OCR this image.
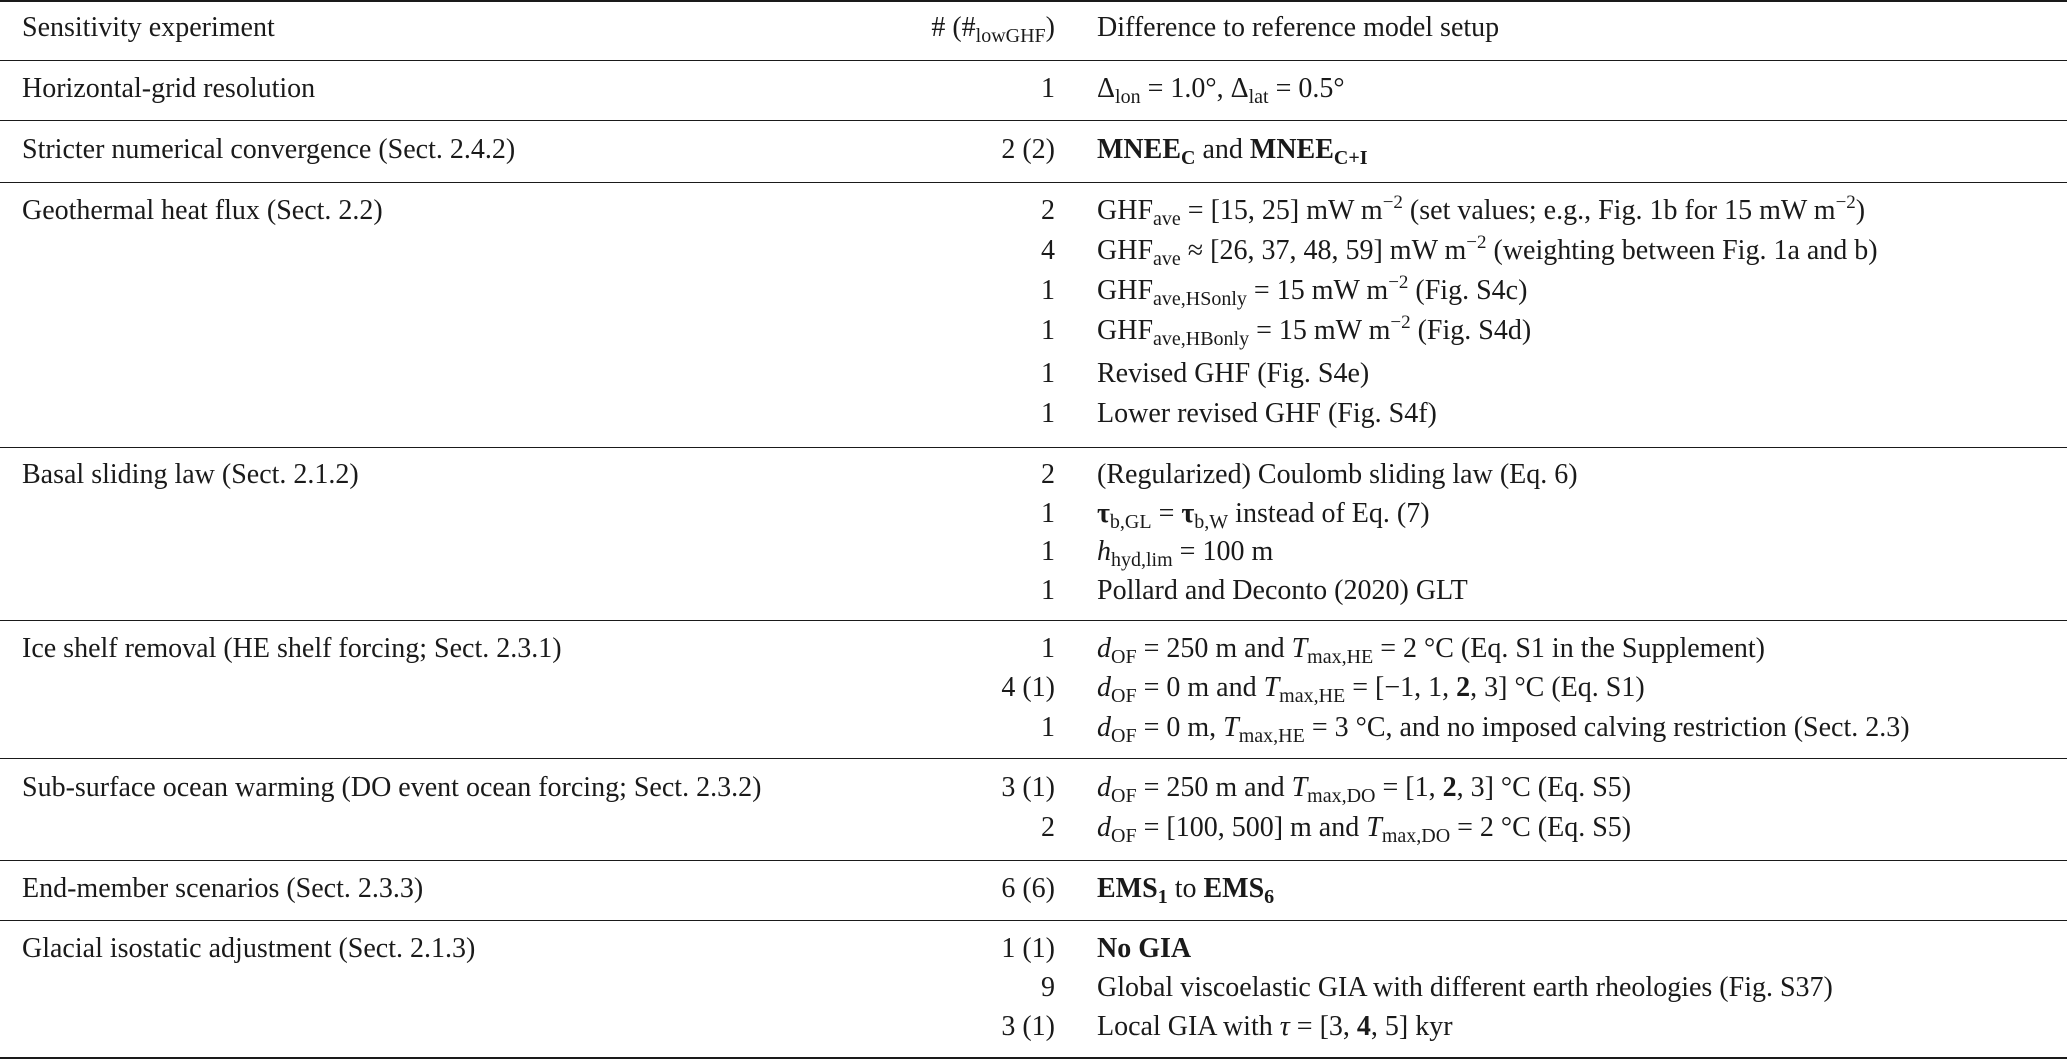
Sensitivity experiment	# $(\#_{lowGHF})$ Difference to reference model setup
Horizontal-grid resolution	1 $\Delta_{lon} = 1.0^\circ$, $\Delta_{lat} = 0.5^\circ$
Stricter numerical convergence (Sect. 2.4.2)	2 (2) $MNEE_C$ and $MNEE_{C+I}$
Geothermal heat flux (Sect. 2.2)	2 $GHF_{ave} = [15$, 25] mW $m^{-2}$ (set values; e.g., Fig. 1b for 15 mW $m^{-2}$)
4 $GHF_{ave} \approx [26$, 37, 48, 59] mW $m^{-2}$ (weighting between Fig. 1a and b)
1 $GHF_{ave,HSonly} = 15$ mW $m^{-2}$ (Fig. S4c)
1 $GHF_{ave,HBonly} = 15$ mW $m^{-2}$ (Fig. S4d)
1 Revised GHF (Fig. S4e)
1 Lower revised GHF (Fig. S4f)
Basal sliding law (Sect. 2.1.2)	2 (Regularized) Coulomb sliding law (Eq. 6)
1 $\tau_{b,GL} = \tau_{b,W}$ instead of Eq. (7)
1 $h_{hyd,lim} = 100$ m
1 Pollard and Deconto (2020) GLT
Ice shelf removal (HE shelf forcing; Sect. 2.3.1)	1 $d_{OF} = 250$ m and $T_{max,HE} = 2$ °C (Eq. S1 in the Supplement)
4 (1) $d_{OF} = 0$ m and $T_{max,HE} = [-1$, 1, 2, 3] °C (Eq. S1)
1 $d_{OF} = 0$ m, $T_{max,HE} = 3$ °C, and no imposed calving restriction (Sect. 2.3)
Sub-surface ocean warming (DO event ocean forcing; Sect. 2.3.2)	3 (1) $d_{OF} = 250$ m and $T_{max,DO} = [1$, 2, 3] °C (Eq. S5)
2 $d_{OF} = [100$, 500] m and $T_{max,DO} = 2$ °C (Eq. S5)
End-member scenarios (Sect. 2.3.3)	6 (6) $EMS_1$ to $EMS_6$
Glacial isostatic adjustment (Sect. 2.1.3)	1 (1) No GIA
9 Global viscoelastic GIA with different earth rheologies (Fig. S37)
3 (1) Local GIA with τ = [3, 4, 5] kyr
